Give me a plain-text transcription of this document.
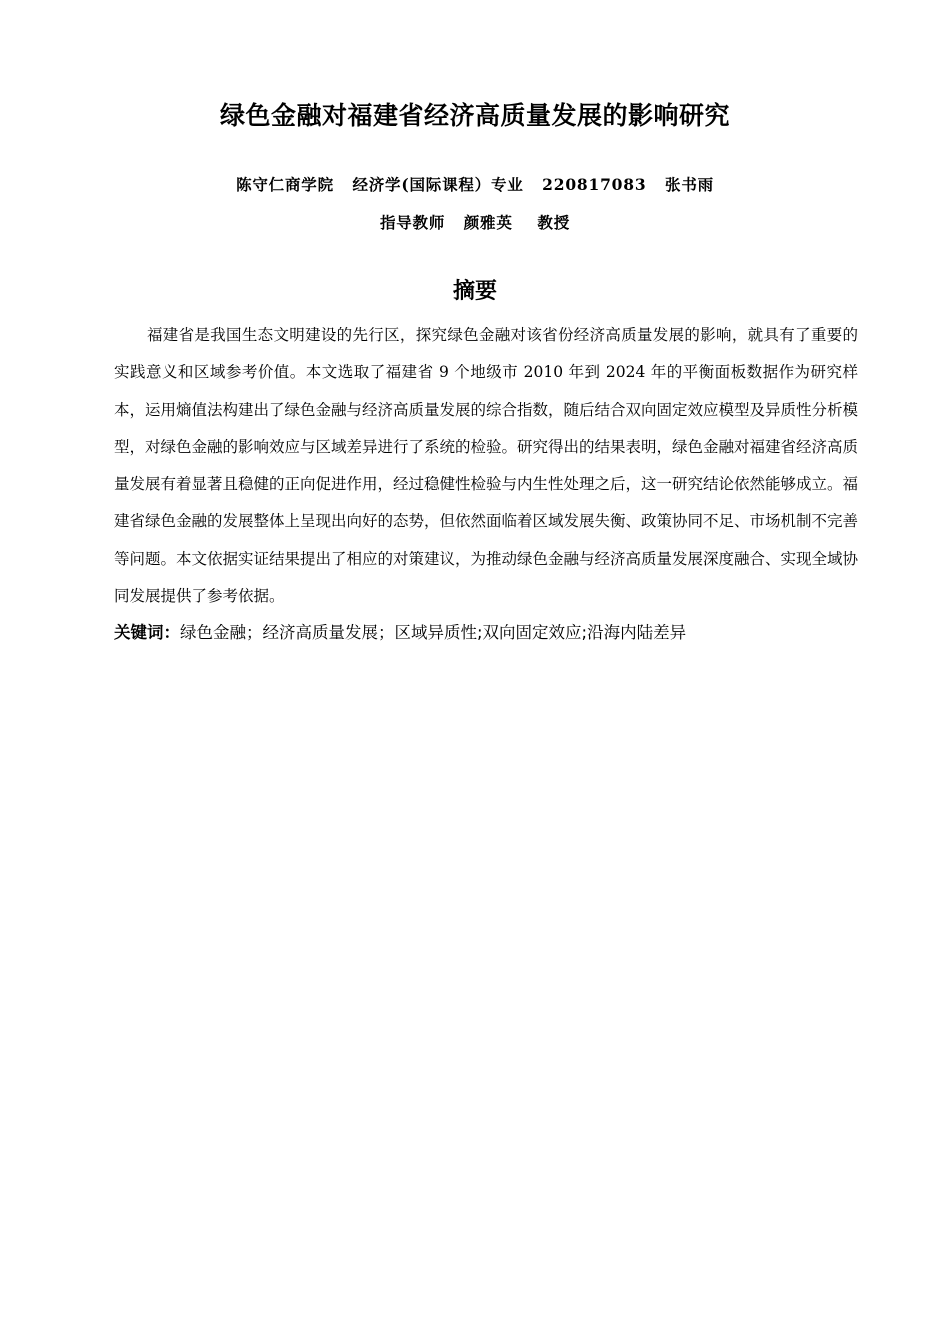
绿色金融对福建省经济高质量发展的影响研究
陈守仁商学院   经济学(国际课程）专业   220817083   张书雨
指导教师   颜雅英    教授
摘要

福建省是我国生态文明建设的先行区，探究绿色金融对该省份经济高质量发展的影响，就具有了重要的实践意义和区域参考价值。本文选取了福建省 9 个地级市 2010 年到 2024 年的平衡面板数据作为研究样本，运用熵值法构建出了绿色金融与经济高质量发展的综合指数，随后结合双向固定效应模型及异质性分析模型，对绿色金融的影响效应与区域差异进行了系统的检验。研究得出的结果表明，绿色金融对福建省经济高质量发展有着显著且稳健的正向促进作用，经过稳健性检验与内生性处理之后，这一研究结论依然能够成立。福建省绿色金融的发展整体上呈现出向好的态势，但依然面临着区域发展失衡、政策协同不足、市场机制不完善等问题。本文依据实证结果提出了相应的对策建议，为推动绿色金融与经济高质量发展深度融合、实现全域协同发展提供了参考依据。

关键词：绿色金融；经济高质量发展；区域异质性;双向固定效应;沿海内陆差异
